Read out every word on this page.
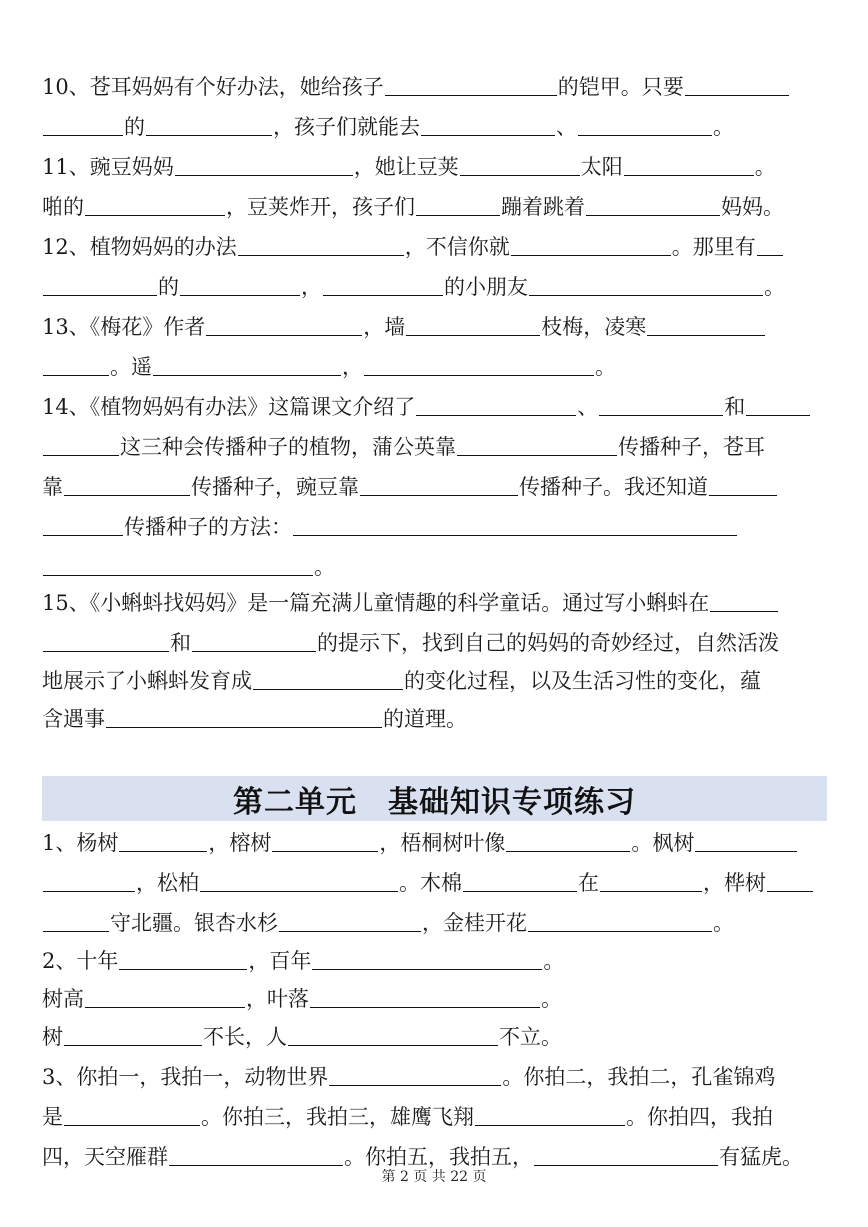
10、苍耳妈妈有个好办法，她给孩子	的铠甲。只要
的	，孩子们就能去	、	。
11、豌豆妈妈	，她让豆荚	太阳	。
啪的	，豆荚炸开，孩子们	蹦着跳着	妈妈。
12、植物妈妈的办法	，不信你就	。那里有
的	，	的小朋友	。
13、《梅花》作者	，墙	枝梅，凌寒
。遥	，	。
14、《植物妈妈有办法》这篇课文介绍了	、	和
这三种会传播种子的植物，蒲公英靠	传播种子，苍耳
靠	传播种子，豌豆靠	传播种子。我还知道
传播种子的方法：
。
15、《小蝌蚪找妈妈》是一篇充满儿童情趣的科学童话。通过写小蝌蚪在
和	的提示下，找到自己的妈妈的奇妙经过，自然活泼
地展示了小蝌蚪发育成	的变化过程，以及生活习性的变化，蕴
含遇事	的道理。
1、杨树	，榕树	，梧桐树叶像	。枫树
，松柏	。木棉	在	，桦树
守北疆。银杏水杉	，金桂开花	。
2、十年	，百年	。
树高	，叶落	。
树	不长，人	不立。
3、你拍一，我拍一，动物世界	。你拍二，我拍二，孔雀锦鸡
是	。你拍三，我拍三，雄鹰飞翔	。你拍四，我拍
四，天空雁群	。你拍五，我拍五，	有猛虎。
第二单元　基础知识专项练习
第 2 页 共 22 页
